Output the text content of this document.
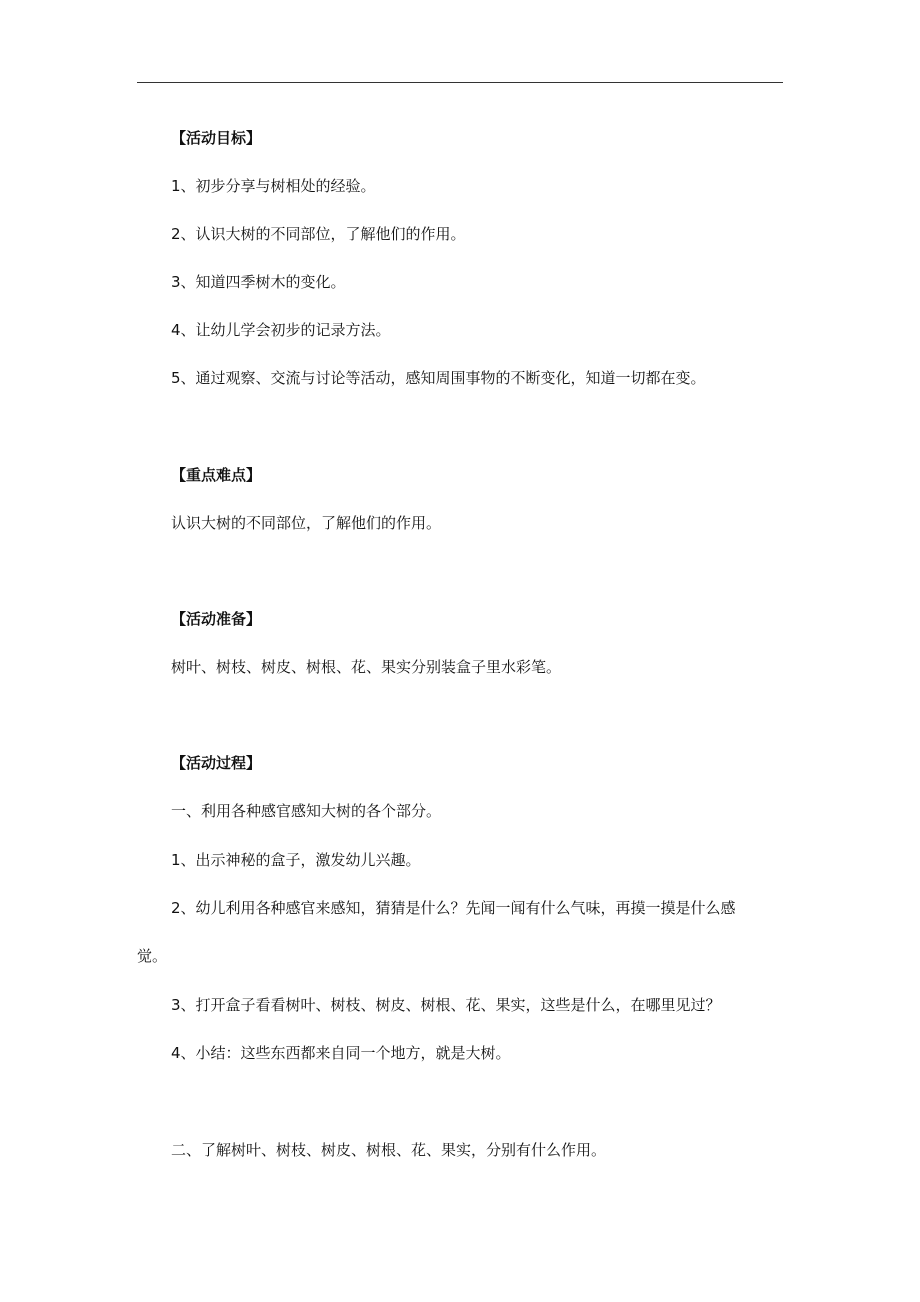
【活动目标】
1、初步分享与树相处的经验。
2、认识大树的不同部位，了解他们的作用。
3、知道四季树木的变化。
4、让幼儿学会初步的记录方法。
5、通过观察、交流与讨论等活动，感知周围事物的不断变化，知道一切都在变。
【重点难点】
认识大树的不同部位，了解他们的作用。
【活动准备】
树叶、树枝、树皮、树根、花、果实分别装盒子里水彩笔。
【活动过程】
一、利用各种感官感知大树的各个部分。
1、出示神秘的盒子，激发幼儿兴趣。
2、幼儿利用各种感官来感知，猜猜是什么？先闻一闻有什么气味，再摸一摸是什么感
觉。
3、打开盒子看看树叶、树枝、树皮、树根、花、果实，这些是什么，在哪里见过？
4、小结：这些东西都来自同一个地方，就是大树。
二、了解树叶、树枝、树皮、树根、花、果实，分别有什么作用。
